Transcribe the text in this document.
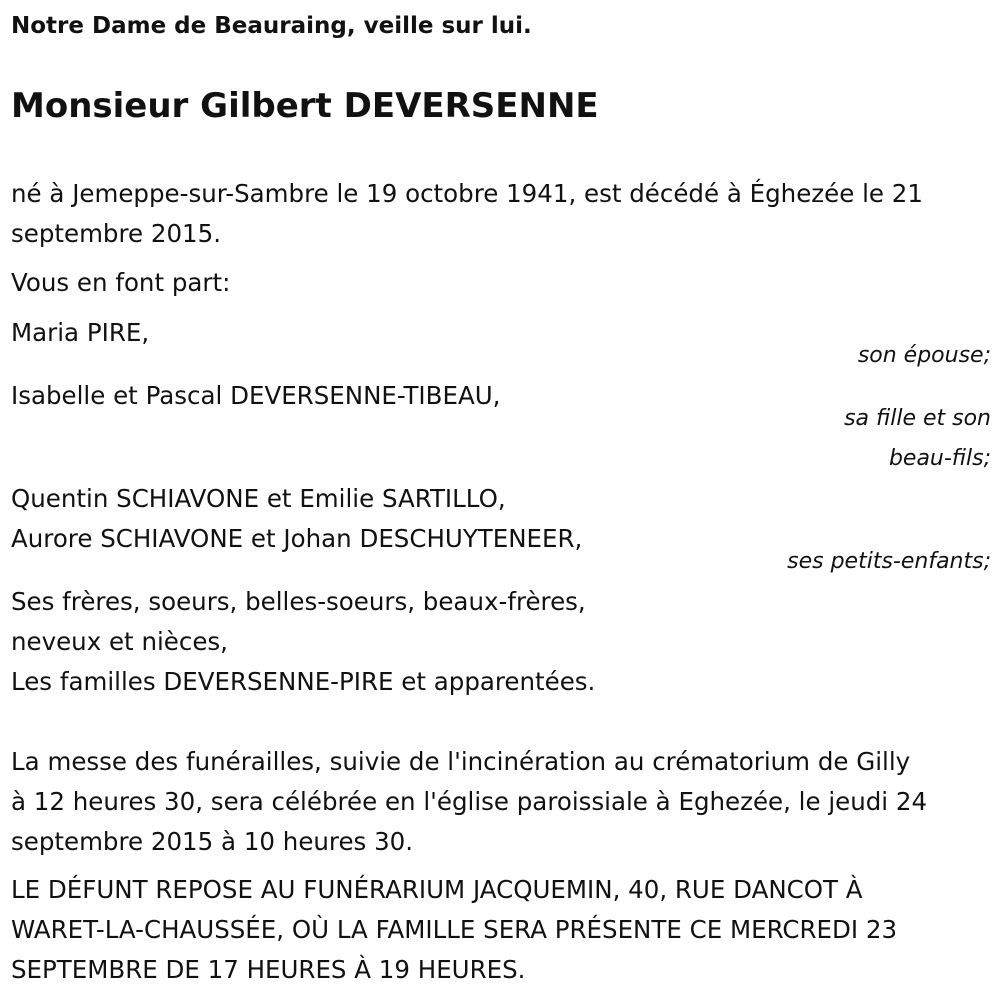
Notre Dame de Beauraing, veille sur lui.
Monsieur Gilbert DEVERSENNE
né à Jemeppe-sur-Sambre le 19 octobre 1941, est décédé à Éghezée le 21
septembre 2015.
Vous en font part:
Maria PIRE,
son épouse;
Isabelle et Pascal DEVERSENNE-TIBEAU,
sa fille et son
beau-fils;
Quentin SCHIAVONE et Emilie SARTILLO,
Aurore SCHIAVONE et Johan DESCHUYTENEER,
ses petits-enfants;
Ses frères, soeurs, belles-soeurs, beaux-frères,
neveux et nièces,
Les familles DEVERSENNE-PIRE et apparentées.
La messe des funérailles, suivie de l'incinération au crématorium de Gilly
à 12 heures 30, sera célébrée en l'église paroissiale à Eghezée, le jeudi 24
septembre 2015 à 10 heures 30.
LE DÉFUNT REPOSE AU FUNÉRARIUM JACQUEMIN, 40, RUE DANCOT À
WARET-LA-CHAUSSÉE, OÙ LA FAMILLE SERA PRÉSENTE CE MERCREDI 23
SEPTEMBRE DE 17 HEURES À 19 HEURES.
